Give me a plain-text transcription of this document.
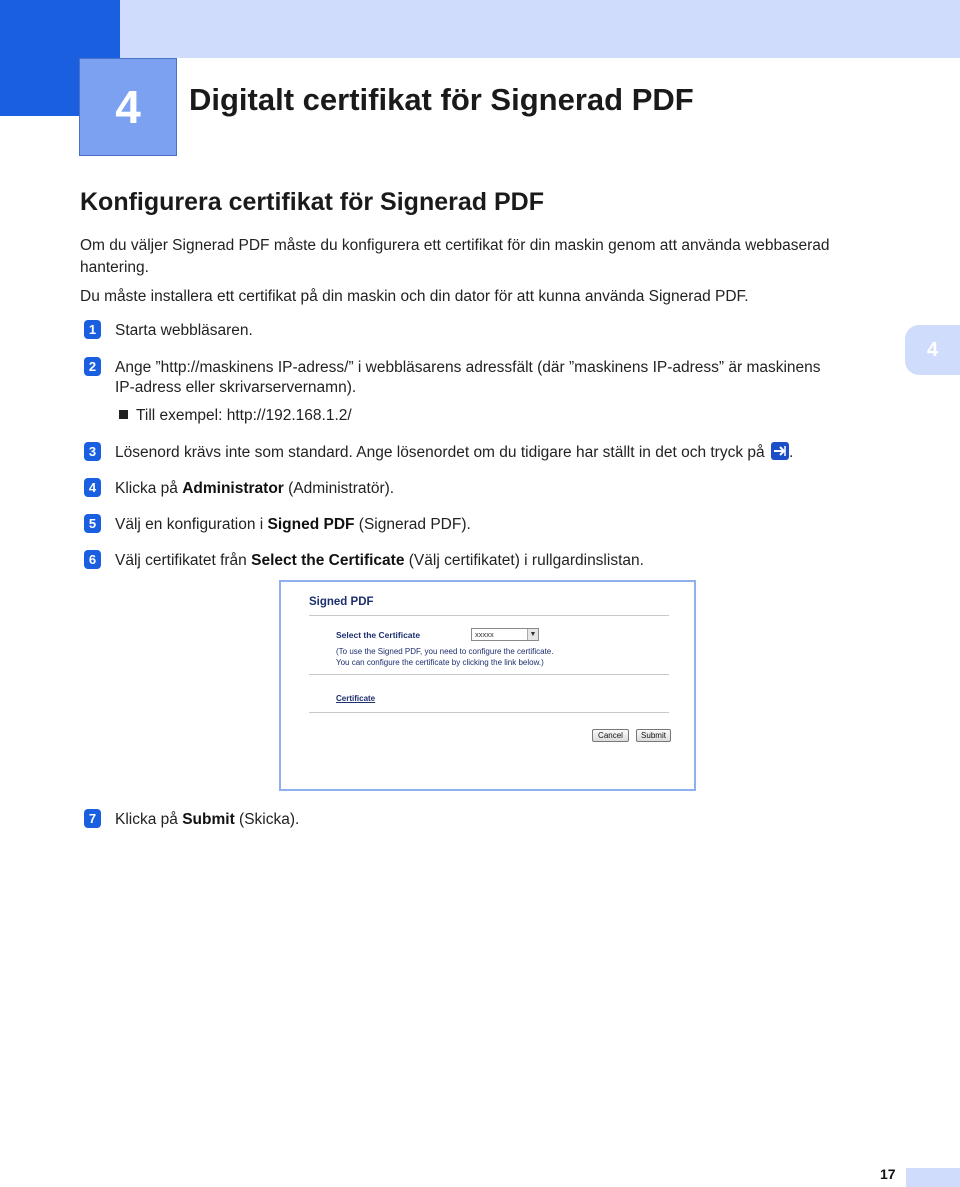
4	Digitalt certifikat för Signerad PDF
4
Konfigurera certifikat för Signerad PDF
Om du väljer Signerad PDF måste du konfigurera ett certifikat för din maskin genom att använda webbaserad
hantering.
Du måste installera ett certifikat på din maskin och din dator för att kunna använda Signerad PDF.
1	Starta webbläsaren.
2	Ange ”http://maskinens IP-adress/” i webbläsarens adressfält (där ”maskinens IP-adress” är maskinens
IP-adress eller skrivarservernamn).
Till exempel: http://192.168.1.2/
3	Lösenord krävs inte som standard. Ange lösenordet om du tidigare har ställt in det och tryck på .
4	Klicka på Administrator (Administratör).
5	Välj en konfiguration i Signed PDF (Signerad PDF).
6	Välj certifikatet från Select the Certificate (Välj certifikatet) i rullgardinslistan.
Signed PDF
Select the Certificate	xxxxx	▼
(To use the Signed PDF, you need to configure the certificate.
You can configure the certificate by clicking the link below.)
Certificate
Cancel	Submit
7	Klicka på Submit (Skicka).
17
